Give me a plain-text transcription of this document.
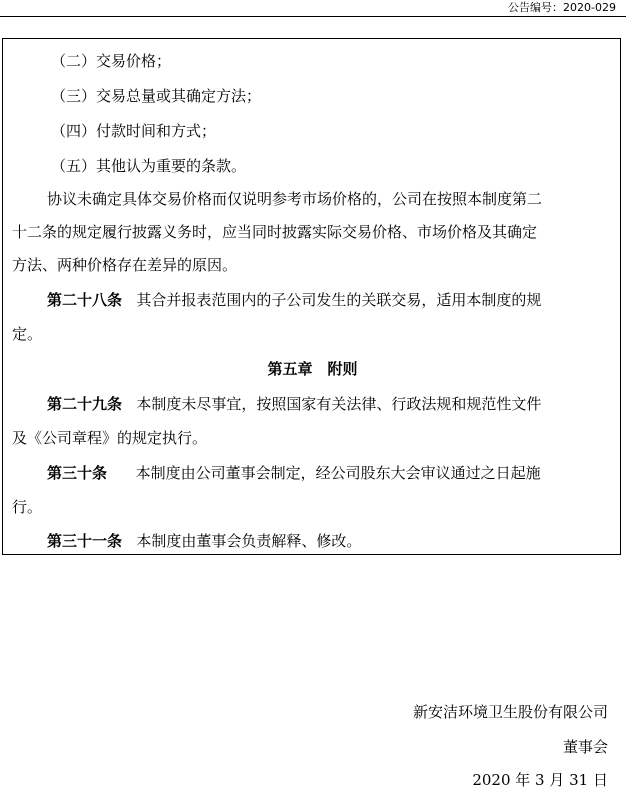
公告编号：2020-029
（二）交易价格；
（三）交易总量或其确定方法；
（四）付款时间和方式；
（五）其他认为重要的条款。
协议未确定具体交易价格而仅说明参考市场价格的，公司在按照本制度第二
十二条的规定履行披露义务时，应当同时披露实际交易价格、市场价格及其确定
方法、两种价格存在差异的原因。
第二十八条 其合并报表范围内的子公司发生的关联交易，适用本制度的规
定。
第五章　附则
第二十九条 本制度未尽事宜，按照国家有关法律、行政法规和规范性文件
及《公司章程》的规定执行。
第三十条 本制度由公司董事会制定，经公司股东大会审议通过之日起施
行。
第三十一条 本制度由董事会负责解释、修改。
新安洁环境卫生股份有限公司
董事会
2020 年 3 月 31 日
